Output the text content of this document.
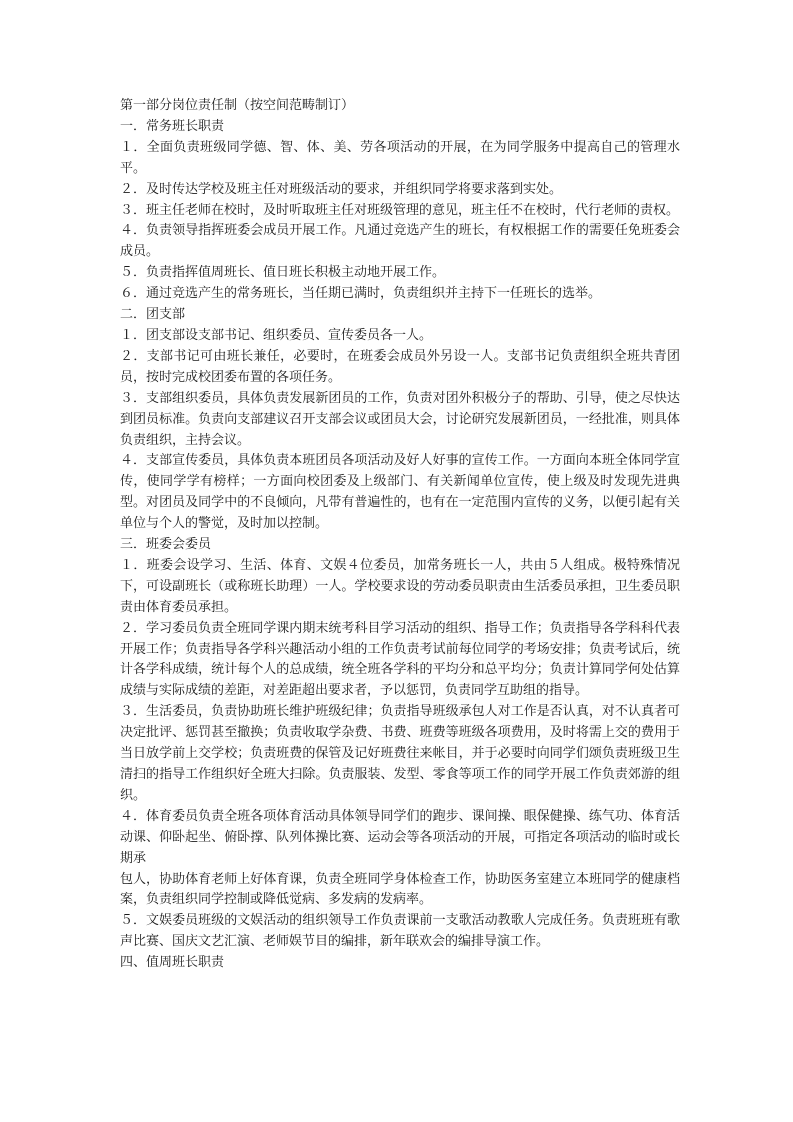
第一部分岗位责任制（按空间范畴制订）

一．常务班长职责

１．全面负责班级同学德、智、体、美、劳各项活动的开展，在为同学服务中提高自己的管理水平。

２．及时传达学校及班主任对班级活动的要求，并组织同学将要求落到实处。

３．班主任老师在校时，及时听取班主任对班级管理的意见，班主任不在校时，代行老师的责权。

４．负责领导指挥班委会成员开展工作。凡通过竞选产生的班长，有权根据工作的需要任免班委会成员。

５．负责指挥值周班长、值日班长积极主动地开展工作。

６．通过竞选产生的常务班长，当任期已满时，负责组织并主持下一任班长的选举。

二．团支部

１．团支部设支部书记、组织委员、宣传委员各一人。

２．支部书记可由班长兼任，必要时，在班委会成员外另设一人。支部书记负责组织全班共青团员，按时完成校团委布置的各项任务。

３．支部组织委员，具体负责发展新团员的工作，负责对团外积极分子的帮助、引导，使之尽快达到团员标准。负责向支部建议召开支部会议或团员大会，讨论研究发展新团员，一经批准，则具体负责组织，主持会议。

４．支部宣传委员，具体负责本班团员各项活动及好人好事的宣传工作。一方面向本班全体同学宣传，使同学学有榜样；一方面向校团委及上级部门、有关新闻单位宣传，使上级及时发现先进典型。对团员及同学中的不良倾向，凡带有普遍性的，也有在一定范围内宣传的义务，以便引起有关单位与个人的警觉，及时加以控制。

三．班委会委员

１．班委会设学习、生活、体育、文娱４位委员，加常务班长一人，共由５人组成。极特殊情况下，可设副班长（或称班长助理）一人。学校要求设的劳动委员职责由生活委员承担，卫生委员职责由体育委员承担。

２．学习委员负责全班同学课内期末统考科目学习活动的组织、指导工作；负责指导各学科科代表开展工作；负责指导各学科兴趣活动小组的工作负责考试前每位同学的考场安排；负责考试后，统计各学科成绩，统计每个人的总成绩，统全班各学科的平均分和总平均分；负责计算同学何处估算成绩与实际成绩的差距，对差距超出要求者，予以惩罚，负责同学互助组的指导。

３．生活委员，负责协助班长维护班级纪律；负责指导班级承包人对工作是否认真，对不认真者可决定批评、惩罚甚至撤换；负责收取学杂费、书费、班费等班级各项费用，及时将需上交的费用于当日放学前上交学校；负责班费的保管及记好班费往来帐目，并于必要时向同学们颂负责班级卫生清扫的指导工作组织好全班大扫除。负责服装、发型、零食等项工作的同学开展工作负责郊游的组织。

４．体育委员负责全班各项体育活动具体领导同学们的跑步、课间操、眼保健操、练气功、体育活动课、仰卧起坐、俯卧撑、队列体操比赛、运动会等各项活动的开展，可指定各项活动的临时或长期承

包人，协助体育老师上好体育课，负责全班同学身体检查工作，协助医务室建立本班同学的健康档案，负责组织同学控制或降低觉病、多发病的发病率。

５．文娱委员班级的文娱活动的组织领导工作负责课前一支歌活动教歌人完成任务。负责班班有歌声比赛、国庆文艺汇演、老师娱节目的编排，新年联欢会的编排导演工作。

四、值周班长职责
